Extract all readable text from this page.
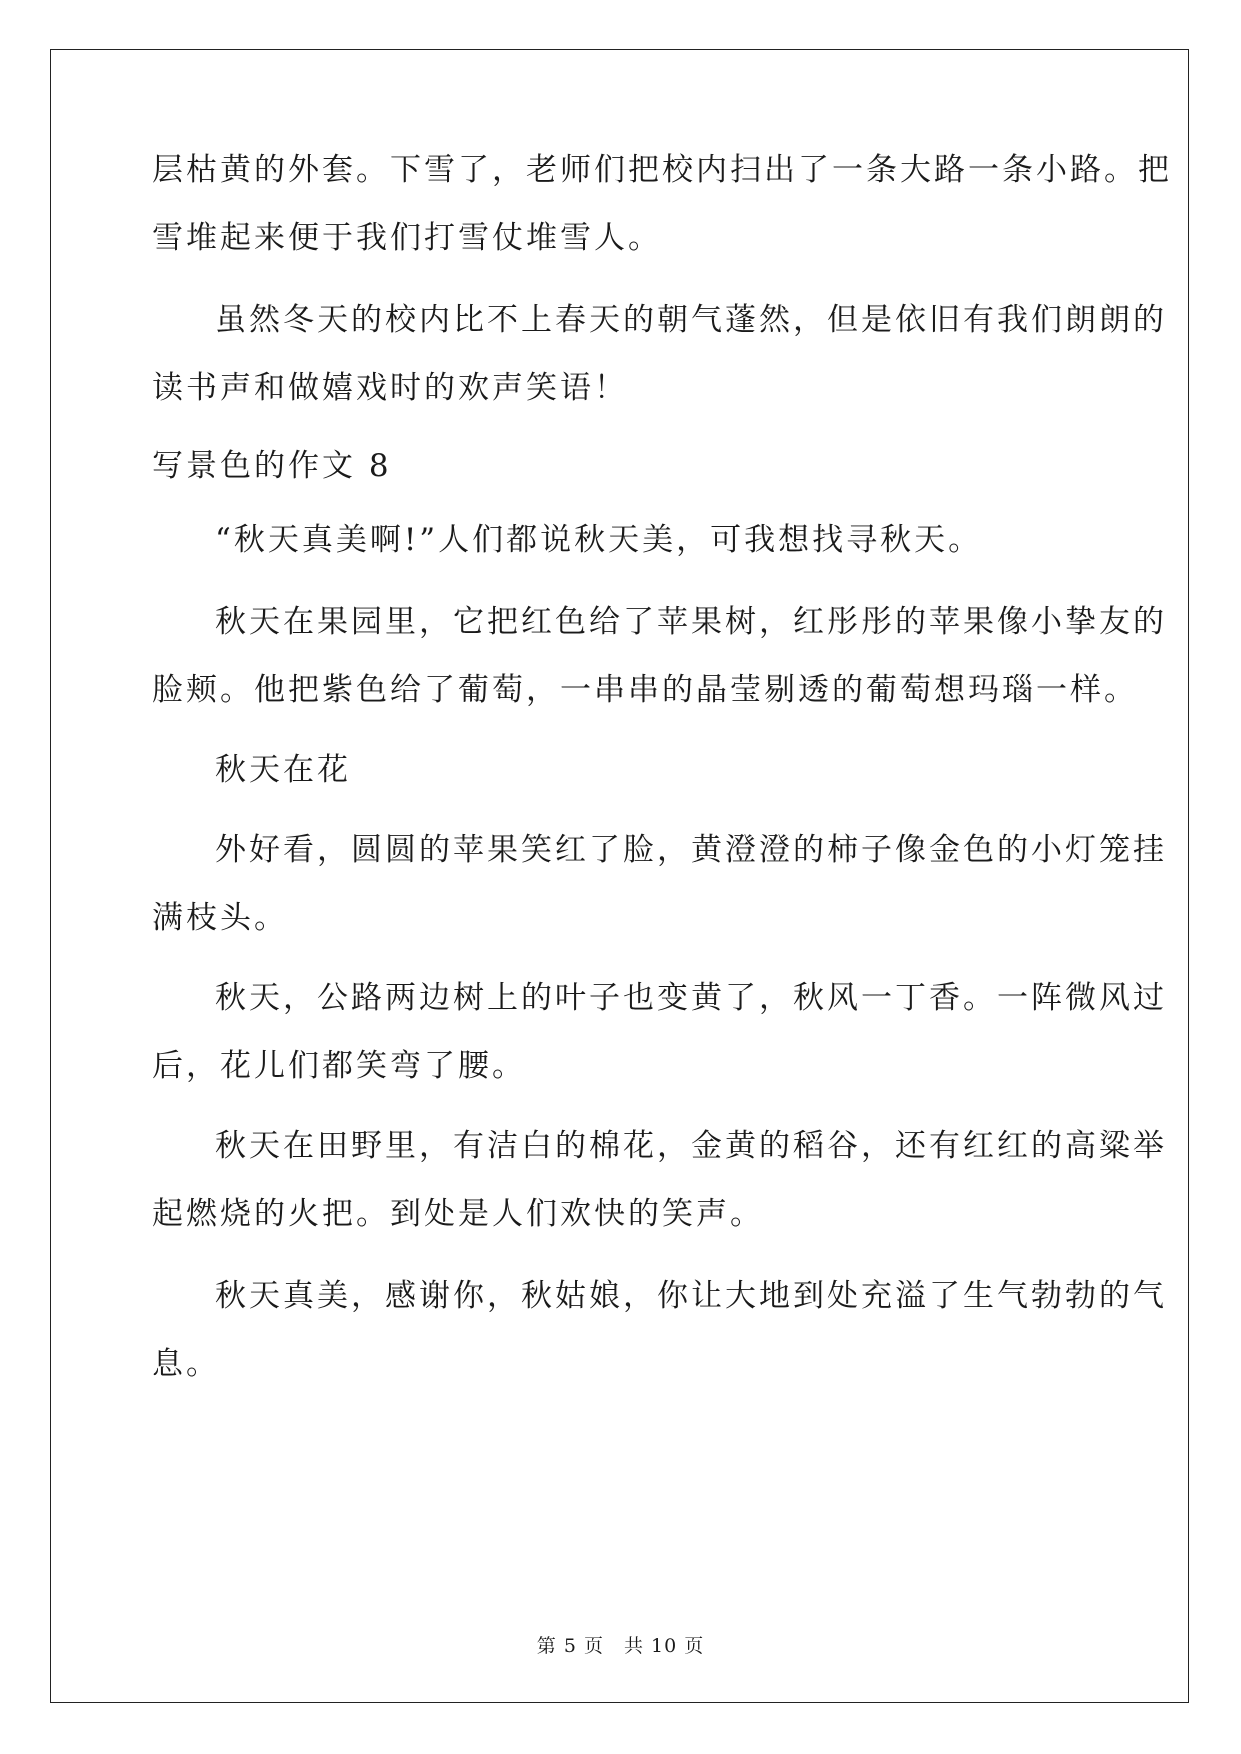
层枯黄的外套。下雪了，老师们把校内扫出了一条大路一条小路。把
雪堆起来便于我们打雪仗堆雪人。
虽然冬天的校内比不上春天的朝气蓬然，但是依旧有我们朗朗的
读书声和做嬉戏时的欢声笑语！
写景色的作文 8
“秋天真美啊!”人们都说秋天美，可我想找寻秋天。
秋天在果园里，它把红色给了苹果树，红彤彤的苹果像小挚友的
脸颊。他把紫色给了葡萄，一串串的晶莹剔透的葡萄想玛瑙一样。
秋天在花
外好看，圆圆的苹果笑红了脸，黄澄澄的柿子像金色的小灯笼挂
满枝头。
秋天，公路两边树上的叶子也变黄了，秋风一丁香。一阵微风过
后，花儿们都笑弯了腰。
秋天在田野里，有洁白的棉花，金黄的稻谷，还有红红的高粱举
起燃烧的火把。到处是人们欢快的笑声。
秋天真美，感谢你，秋姑娘，你让大地到处充溢了生气勃勃的气
息。
第 5 页　共 10 页
